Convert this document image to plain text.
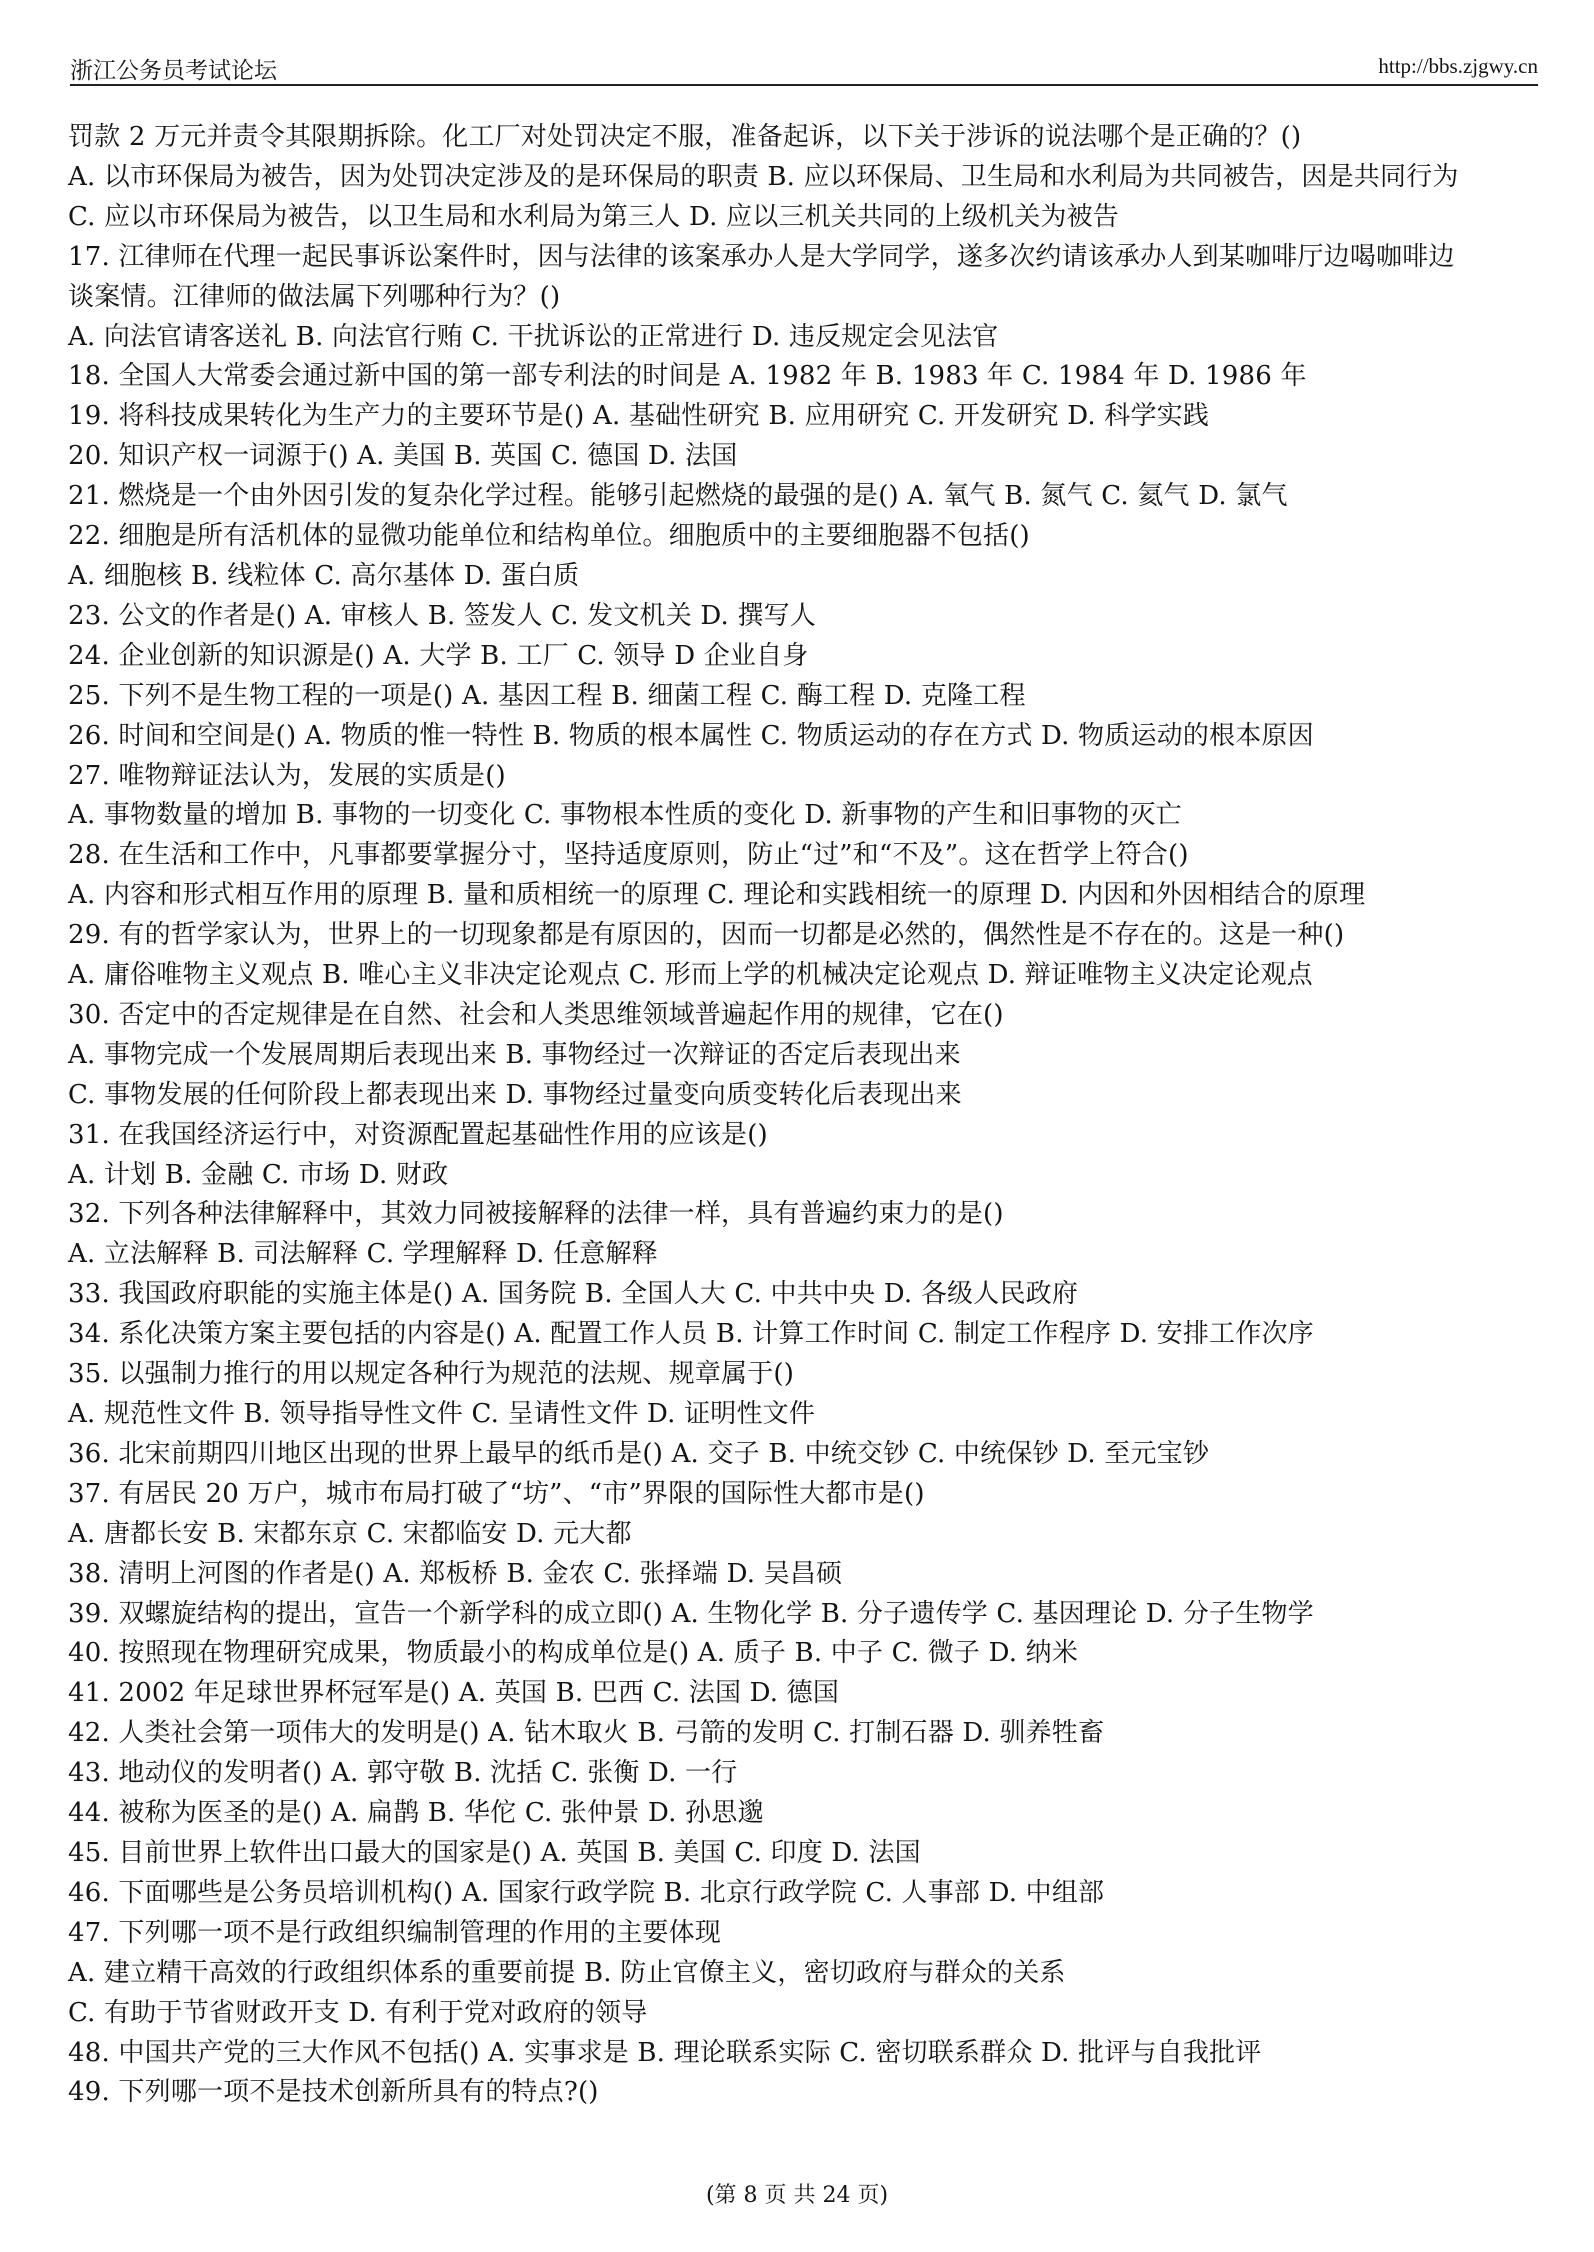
浙江公务员考试论坛	http://bbs.zjgwy.cn
罚款 2 万元并责令其限期拆除。化工厂对处罚决定不服，准备起诉，以下关于涉诉的说法哪个是正确的？()
A. 以市环保局为被告，因为处罚决定涉及的是环保局的职责 B. 应以环保局、卫生局和水利局为共同被告，因是共同行为
C. 应以市环保局为被告，以卫生局和水利局为第三人 D. 应以三机关共同的上级机关为被告
17. 江律师在代理一起民事诉讼案件时，因与法律的该案承办人是大学同学，遂多次约请该承办人到某咖啡厅边喝咖啡边
谈案情。江律师的做法属下列哪种行为？()
A. 向法官请客送礼 B. 向法官行贿 C. 干扰诉讼的正常进行 D. 违反规定会见法官
18. 全国人大常委会通过新中国的第一部专利法的时间是 A. 1982 年 B. 1983 年 C. 1984 年 D. 1986 年
19. 将科技成果转化为生产力的主要环节是() A. 基础性研究 B. 应用研究 C. 开发研究 D. 科学实践
20. 知识产权一词源于() A. 美国 B. 英国 C. 德国 D. 法国
21. 燃烧是一个由外因引发的复杂化学过程。能够引起燃烧的最强的是() A. 氧气 B. 氮气 C. 氦气 D. 氯气
22. 细胞是所有活机体的显微功能单位和结构单位。细胞质中的主要细胞器不包括()
A. 细胞核 B. 线粒体 C. 高尔基体 D. 蛋白质
23. 公文的作者是() A. 审核人 B. 签发人 C. 发文机关 D. 撰写人
24. 企业创新的知识源是() A. 大学 B. 工厂 C. 领导 D 企业自身
25. 下列不是生物工程的一项是() A. 基因工程 B. 细菌工程 C. 酶工程 D. 克隆工程
26. 时间和空间是() A. 物质的惟一特性 B. 物质的根本属性 C. 物质运动的存在方式 D. 物质运动的根本原因
27. 唯物辩证法认为，发展的实质是()
A. 事物数量的增加 B. 事物的一切变化 C. 事物根本性质的变化 D. 新事物的产生和旧事物的灭亡
28. 在生活和工作中，凡事都要掌握分寸，坚持适度原则，防止“过”和“不及”。这在哲学上符合()
A. 内容和形式相互作用的原理 B. 量和质相统一的原理 C. 理论和实践相统一的原理 D. 内因和外因相结合的原理
29. 有的哲学家认为，世界上的一切现象都是有原因的，因而一切都是必然的，偶然性是不存在的。这是一种()
A. 庸俗唯物主义观点 B. 唯心主义非决定论观点 C. 形而上学的机械决定论观点 D. 辩证唯物主义决定论观点
30. 否定中的否定规律是在自然、社会和人类思维领域普遍起作用的规律，它在()
A. 事物完成一个发展周期后表现出来 B. 事物经过一次辩证的否定后表现出来
C. 事物发展的任何阶段上都表现出来 D. 事物经过量变向质变转化后表现出来
31. 在我国经济运行中，对资源配置起基础性作用的应该是()
A. 计划 B. 金融 C. 市场 D. 财政
32. 下列各种法律解释中，其效力同被接解释的法律一样，具有普遍约束力的是()
A. 立法解释 B. 司法解释 C. 学理解释 D. 任意解释
33. 我国政府职能的实施主体是() A. 国务院 B. 全国人大 C. 中共中央 D. 各级人民政府
34. 系化决策方案主要包括的内容是() A. 配置工作人员 B. 计算工作时间 C. 制定工作程序 D. 安排工作次序
35. 以强制力推行的用以规定各种行为规范的法规、规章属于()
A. 规范性文件 B. 领导指导性文件 C. 呈请性文件 D. 证明性文件
36. 北宋前期四川地区出现的世界上最早的纸币是() A. 交子 B. 中统交钞 C. 中统保钞 D. 至元宝钞
37. 有居民 20 万户，城市布局打破了“坊”、“市”界限的国际性大都市是()
A. 唐都长安 B. 宋都东京 C. 宋都临安 D. 元大都
38. 清明上河图的作者是() A. 郑板桥 B. 金农 C. 张择端 D. 吴昌硕
39. 双螺旋结构的提出，宣告一个新学科的成立即() A. 生物化学 B. 分子遗传学 C. 基因理论 D. 分子生物学
40. 按照现在物理研究成果，物质最小的构成单位是() A. 质子 B. 中子 C. 微子 D. 纳米
41. 2002 年足球世界杯冠军是() A. 英国 B. 巴西 C. 法国 D. 德国
42. 人类社会第一项伟大的发明是() A. 钻木取火 B. 弓箭的发明 C. 打制石器 D. 驯养牲畜
43. 地动仪的发明者() A. 郭守敬 B. 沈括 C. 张衡 D. 一行
44. 被称为医圣的是() A. 扁鹊 B. 华佗 C. 张仲景 D. 孙思邈
45. 目前世界上软件出口最大的国家是() A. 英国 B. 美国 C. 印度 D. 法国
46. 下面哪些是公务员培训机构() A. 国家行政学院 B. 北京行政学院 C. 人事部 D. 中组部
47. 下列哪一项不是行政组织编制管理的作用的主要体现
A. 建立精干高效的行政组织体系的重要前提 B. 防止官僚主义，密切政府与群众的关系
C. 有助于节省财政开支 D. 有利于党对政府的领导
48. 中国共产党的三大作风不包括() A. 实事求是 B. 理论联系实际 C. 密切联系群众 D. 批评与自我批评
49. 下列哪一项不是技术创新所具有的特点?()
(第 8 页 共 24 页)
